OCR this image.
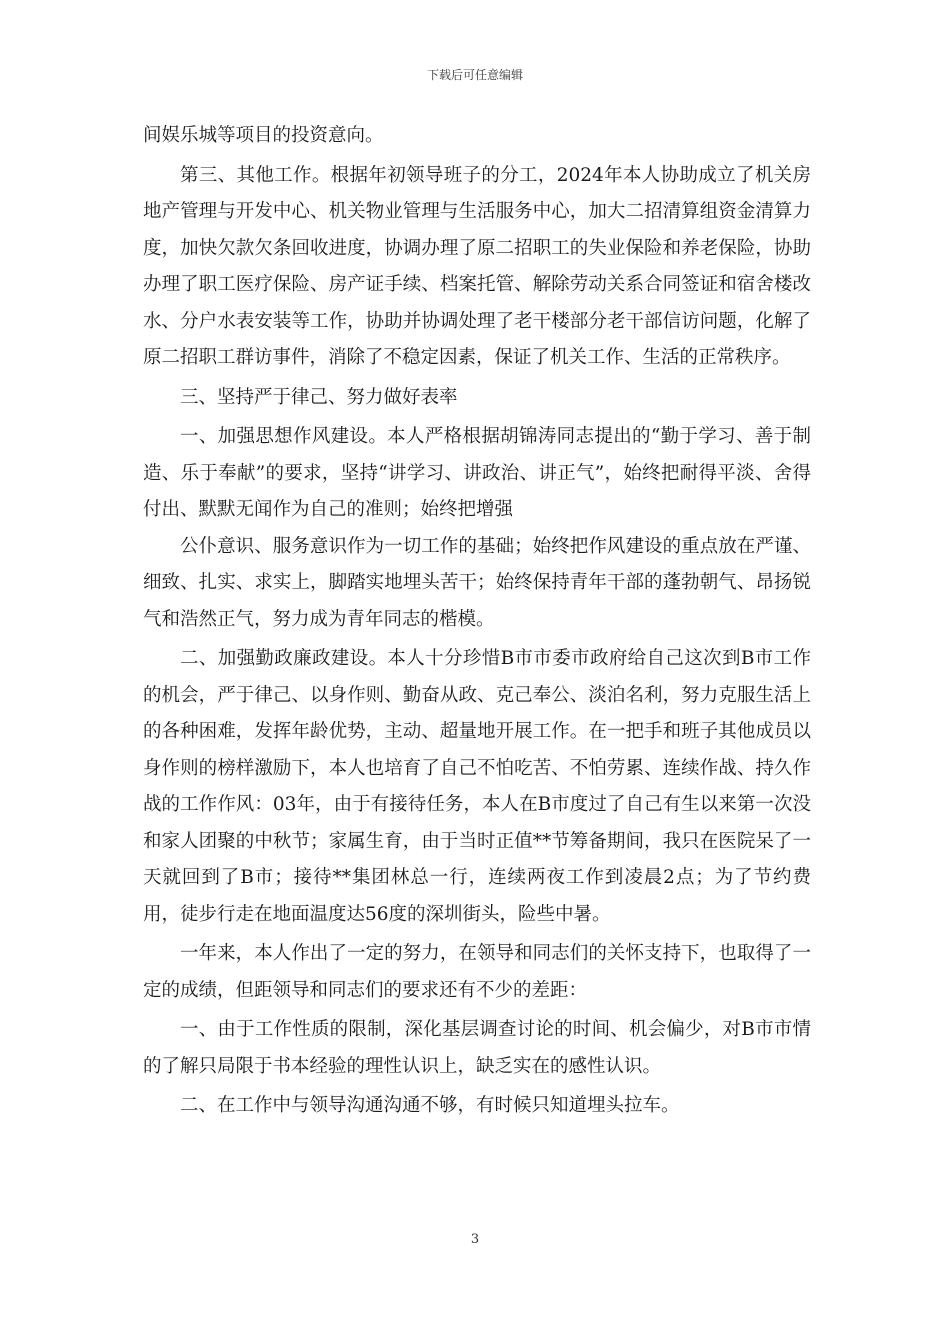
下载后可任意编辑

间娱乐城等项目的投资意向。

第三、其他工作。根据年初领导班子的分工，2024年本人协助成立了机关房地产管理与开发中心、机关物业管理与生活服务中心，加大二招清算组资金清算力度，加快欠款欠条回收进度，协调办理了原二招职工的失业保险和养老保险，协助办理了职工医疗保险、房产证手续、档案托管、解除劳动关系合同签证和宿舍楼改水、分户水表安装等工作，协助并协调处理了老干楼部分老干部信访问题，化解了原二招职工群访事件，消除了不稳定因素，保证了机关工作、生活的正常秩序。

三、坚持严于律己、努力做好表率

一、加强思想作风建设。本人严格根据胡锦涛同志提出的“勤于学习、善于制造、乐于奉献”的要求，坚持“讲学习、讲政治、讲正气”，始终把耐得平淡、舍得付出、默默无闻作为自己的准则；始终把增强

公仆意识、服务意识作为一切工作的基础；始终把作风建设的重点放在严谨、细致、扎实、求实上，脚踏实地埋头苦干；始终保持青年干部的蓬勃朝气、昂扬锐气和浩然正气，努力成为青年同志的楷模。

二、加强勤政廉政建设。本人十分珍惜B市市委市政府给自己这次到B市工作的机会，严于律己、以身作则、勤奋从政、克己奉公、淡泊名利，努力克服生活上的各种困难，发挥年龄优势，主动、超量地开展工作。在一把手和班子其他成员以身作则的榜样激励下，本人也培育了自己不怕吃苦、不怕劳累、连续作战、持久作战的工作作风：03年，由于有接待任务，本人在B市度过了自己有生以来第一次没和家人团聚的中秋节；家属生育，由于当时正值**节筹备期间，我只在医院呆了一天就回到了B市；接待**集团林总一行，连续两夜工作到凌晨2点；为了节约费用，徒步行走在地面温度达56度的深圳街头，险些中暑。

一年来，本人作出了一定的努力，在领导和同志们的关怀支持下，也取得了一定的成绩，但距领导和同志们的要求还有不少的差距：

一、由于工作性质的限制，深化基层调查讨论的时间、机会偏少，对B市市情的了解只局限于书本经验的理性认识上，缺乏实在的感性认识。

二、在工作中与领导沟通沟通不够，有时候只知道埋头拉车。

3
